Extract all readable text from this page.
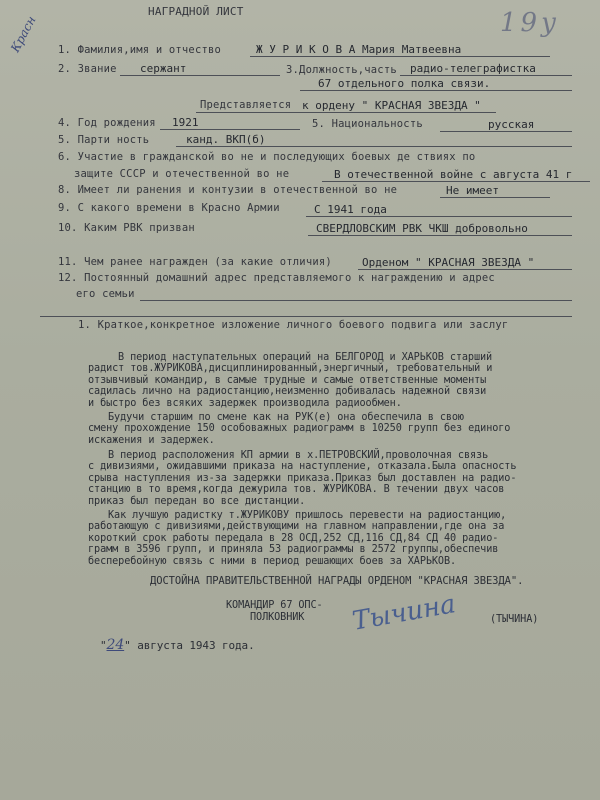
НАГРАДНОЙ ЛИСТ
Красн	19у
1. Фамилия,имя и отчество	Ж У Р И К О В А Мария Матвеевна
2. Звание сержант	3.Должность,часть радио-телеграфистка
67 отдельного полка связи.
Представляется к ордену " КРАСНАЯ ЗВЕЗДА "
4. Год рождения 1921	5. Национальность	русская
5. Парти ность	канд. ВКП(б)
6. Участие в гражданской во не и последующих боевых де ствиях по
защите СССР и отечественной во не	В отечественной войне с августа 41 г
8. Имеет ли ранения и контузии в отечественной во не	Не имеет
9. С какого времени в Красно Армии	С 1941 года
10. Каким РВК призван	СВЕРДЛОВСКИМ РВК ЧКШ добровольно
11. Чем ранее награжден (за какие отличия)	Орденом " КРАСНАЯ ЗВЕЗДА "
12. Постоянный домашний адрес представляемого к награждению и адрес
его семьи
1. Краткое,конкретное изложение личного боевого подвига или заслуг
В период наступательных операций на БЕЛГОРОД и ХАРЬКОВ старший
радист тов.ЖУРИКОВА,дисциплинированный,энергичный, требовательный и
отзывчивый командир, в самые трудные и самые ответственные моменты
садилась лично на радиостанцию,неизменно добивалась надежной связи
и быстро без всяких задержек производила радиообмен.
Будучи старшим по смене как на РУК(е) она обеспечила в свою
смену прохождение 150 особоважных радиограмм в 10250 групп без единого
искажения и задержек.
В период расположения КП армии в х.ПЕТРОВСКИЙ,проволочная связь
с дивизиями, ожидавшими приказа на наступление, отказала.Была опасность
срыва наступления из-за задержки приказа.Приказ был доставлен на радио-
станцию в то время,когда дежурила тов. ЖУРИКОВА. В течении двух часов
приказ был передан во все дистанции.
Как лучшую радистку т.ЖУРИКОВУ пришлось перевести на радиостанцию,
работающую с дивизиями,действующими на главном направлении,где она за
короткий срок работы передала в 28 ОСД,252 СД,116 СД,84 СД 40 радио-
грамм в 3596 групп, и приняла 53 радиограммы в 2572 группы,обеспечив
бесперебойную связь с ними в период решающих боев за ХАРЬКОВ.
ДОСТОЙНА ПРАВИТЕЛЬСТВЕННОЙ НАГРАДЫ ОРДЕНОМ "КРАСНАЯ ЗВЕЗДА".
КОМАНДИР 67 ОПС-
ПОЛКОВНИК Тычина	(ТЫЧИНА)
"24" августа 1943 года.
